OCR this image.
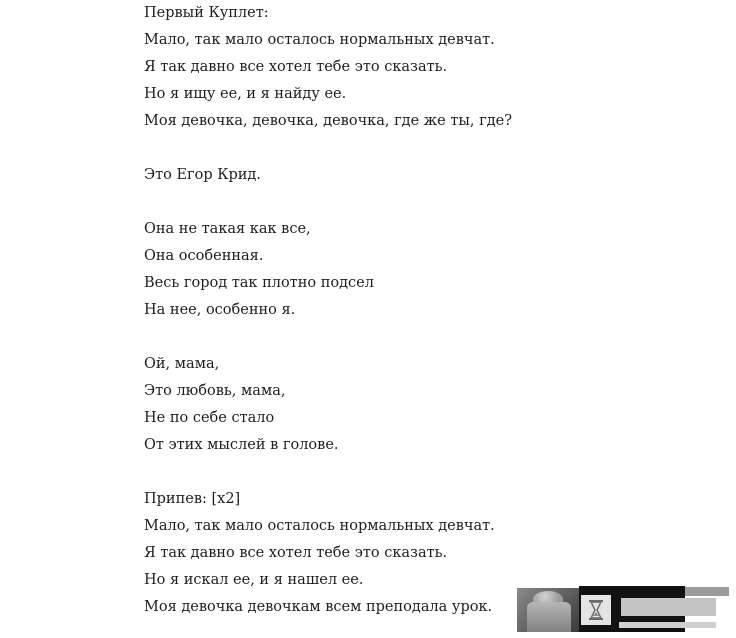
Первый Куплет:
Мало, так мало осталось нормальных девчат.
Я так давно все хотел тебе это сказать.
Но я ищу ее, и я найду ее.
Моя девочка, девочка, девочка, где же ты, где?
Это Егор Крид.
Она не такая как все,
Она особенная.
Весь город так плотно подсел
На нее, особенно я.
Ой, мама,
Это любовь, мама,
Не по себе стало
От этих мыслей в голове.
Припев: [x2]
Мало, так мало осталось нормальных девчат.
Я так давно все хотел тебе это сказать.
Но я искал ее, и я нашел ее.
Моя девочка девочкам всем преподала урок.
